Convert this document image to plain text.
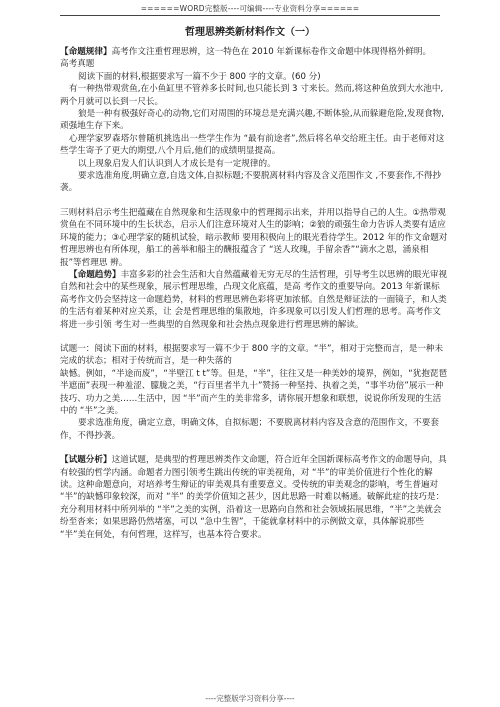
======WORD完整版----可编辑----专业资料分享======
哲理思辨类新材料作文（一）

【命题规律】高考作文注重哲理思辨，这一特色在 2010 年新课标卷作文命题中体现得格外鲜明。

高考真题

阅读下面的材料,根据要求写一篇不少于 800 字的文章。(60 分)

有一种热带观赏鱼,在小鱼缸里不管养多长时间,也只能长到 3 寸来长。然而,将这种鱼放到大水池中,两个月就可以长到一尺长。

狼是一种有极强好奇心的动物,它们对周围的环境总是充满兴趣,不断体验,从而躲避危险,发现食物,顽强地生存下来。

心理学家罗森塔尔曾随机挑选出一些学生作为 “最有前途者”,然后将名单交给班主任。由于老师对这些学生寄予了更大的期望,八个月后,他们的成绩明显提高。

以上现象启发人们认识到人才成长是有一定规律的。

要求选准角度,明确立意,自选文体,自拟标题;不要脱离材料内容及含义范围作文 ,不要套作,不得抄袭。

三则材料启示考生把蕴藏在自然现象和生活现象中的哲理揭示出来，并用以指导自己的人生。①热带观赏鱼在不同环境中的生长状态，启示人们注意环境对人生的影响；②狼的顽强生命力告诉人类要有适应环境的能力；③心理学家的随机试验，暗示教师 要用积极向上的眼光看待学生。2012 年的作文命题对哲理思辨也有所体现，船工的善举和船主的酬报蕴含了 “送人玫瑰，手留余香”“滴水之恩，涌泉相报”等哲理思 辨。

【命题趋势】丰富多彩的社会生活和大自然蕴藏着无穷无尽的生活哲理，引导考生以思辨的眼光审视自然和社会中的某些现象，展示哲理思维，凸现文化底蕴，是高 考作文的重要导向。2013 年新课标高考作文仍会坚持这一命题趋势，材料的哲理思辨色彩将更加浓郁。自然是辩证法的一面镜子，和人类的生活有着某种对应关系，让 会是哲理思维的集散地，许多现象可以引发人们哲理的思考。高考作文将进一步引领 考生对一些典型的自然现象和社会热点现象进行哲理思辨的解读。

试题一：阅读下面的材料，根据要求写一篇不少于 800 字的文章。“半”，相对于完整而言，是一种未完成的状态；相对于传统而言，是一种失落的

缺憾。例如，“半途而废”，“半壁江 t t”等。但是，“半”，往往又是一种美妙的境界，例如，“犹抱琵琶半遮面”表现一种羞涩、朦胧之美，“行百里者半九十”赞扬一种坚持、执着之美，“事半功倍”展示一种技巧、功力之美……生活中，因 “半”而产生的美非常多，请你展开想象和联想，说说你所发现的生活中的 “半”之美。

要求选准角度，确定立意，明确文体，自拟标题；不要脱离材料内容及含意的范围作文，不要套作，不得抄袭。

【试题分析】这道试题，是典型的哲理思辨类作文命题，符合近年全国新课标高考作文的命题导向，具有较强的哲学内涵。命题者力图引领考生跳出传统的审美视角，对 “半”的审美价值进行个性化的解读。这种命题意向，对培养考生辩证的审美观具有重要意义。受传统的审美观念的影响，考生普遍对 “半”的缺憾印象较深，而对 “半” 的美学价值知之甚少，因此思路一时难以畅通。破解此症的技巧是：充分利用材料中所列举的 “半”之美的实例，沿着这一思路向自然和社会领域拓展思维，“半”之美就会纷至沓来；如果思路仍然堵塞，可以 “急中生智”，千能就拿材料中的示例做文章，具体解说那些 “半”美在何处，有何哲理，这样写，也基本符合要求。

----完整版学习资料分享----
